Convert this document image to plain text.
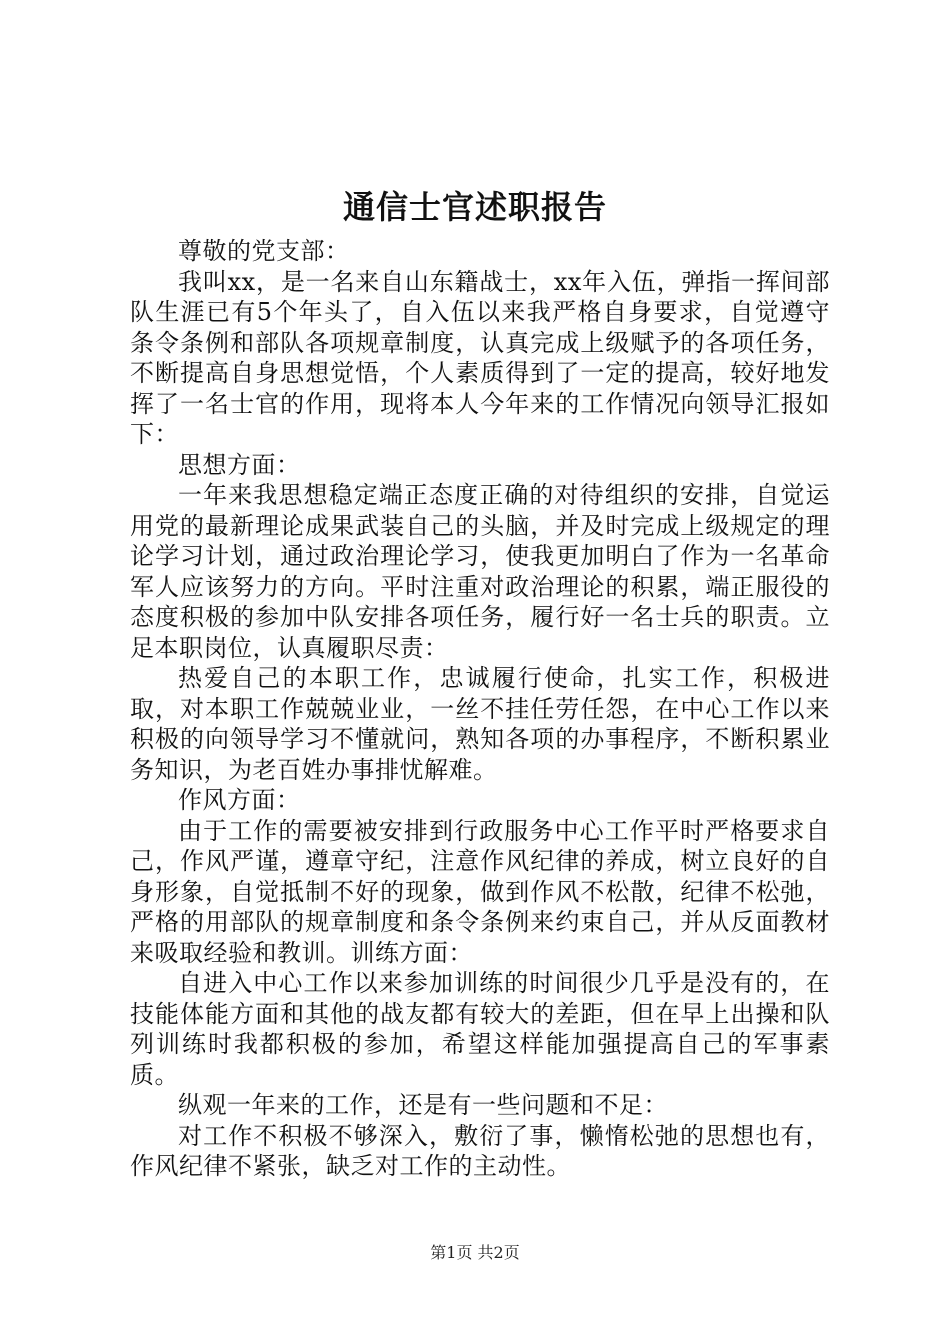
通信士官述职报告

尊敬的党支部：

我叫xx，是一名来自山东籍战士，xx年入伍，弹指一挥间部队生涯已有5个年头了，自入伍以来我严格自身要求，自觉遵守条令条例和部队各项规章制度，认真完成上级赋予的各项任务，不断提高自身思想觉悟，个人素质得到了一定的提高，较好地发挥了一名士官的作用，现将本人今年来的工作情况向领导汇报如下：

思想方面：

一年来我思想稳定端正态度正确的对待组织的安排，自觉运用党的最新理论成果武装自己的头脑，并及时完成上级规定的理论学习计划，通过政治理论学习，使我更加明白了作为一名革命军人应该努力的方向。平时注重对政治理论的积累，端正服役的态度积极的参加中队安排各项任务，履行好一名士兵的职责。立足本职岗位，认真履职尽责：

热爱自己的本职工作，忠诚履行使命，扎实工作，积极进取，对本职工作兢兢业业，一丝不挂任劳任怨，在中心工作以来积极的向领导学习不懂就问，熟知各项的办事程序，不断积累业务知识，为老百姓办事排忧解难。

作风方面：

由于工作的需要被安排到行政服务中心工作平时严格要求自己，作风严谨，遵章守纪，注意作风纪律的养成，树立良好的自身形象，自觉抵制不好的现象，做到作风不松散，纪律不松弛，严格的用部队的规章制度和条令条例来约束自己，并从反面教材来吸取经验和教训。训练方面：

自进入中心工作以来参加训练的时间很少几乎是没有的，在技能体能方面和其他的战友都有较大的差距，但在早上出操和队列训练时我都积极的参加，希望这样能加强提高自己的军事素质。

纵观一年来的工作，还是有一些问题和不足：

对工作不积极不够深入，敷衍了事，懒惰松弛的思想也有，作风纪律不紧张，缺乏对工作的主动性。

第1页 共2页
